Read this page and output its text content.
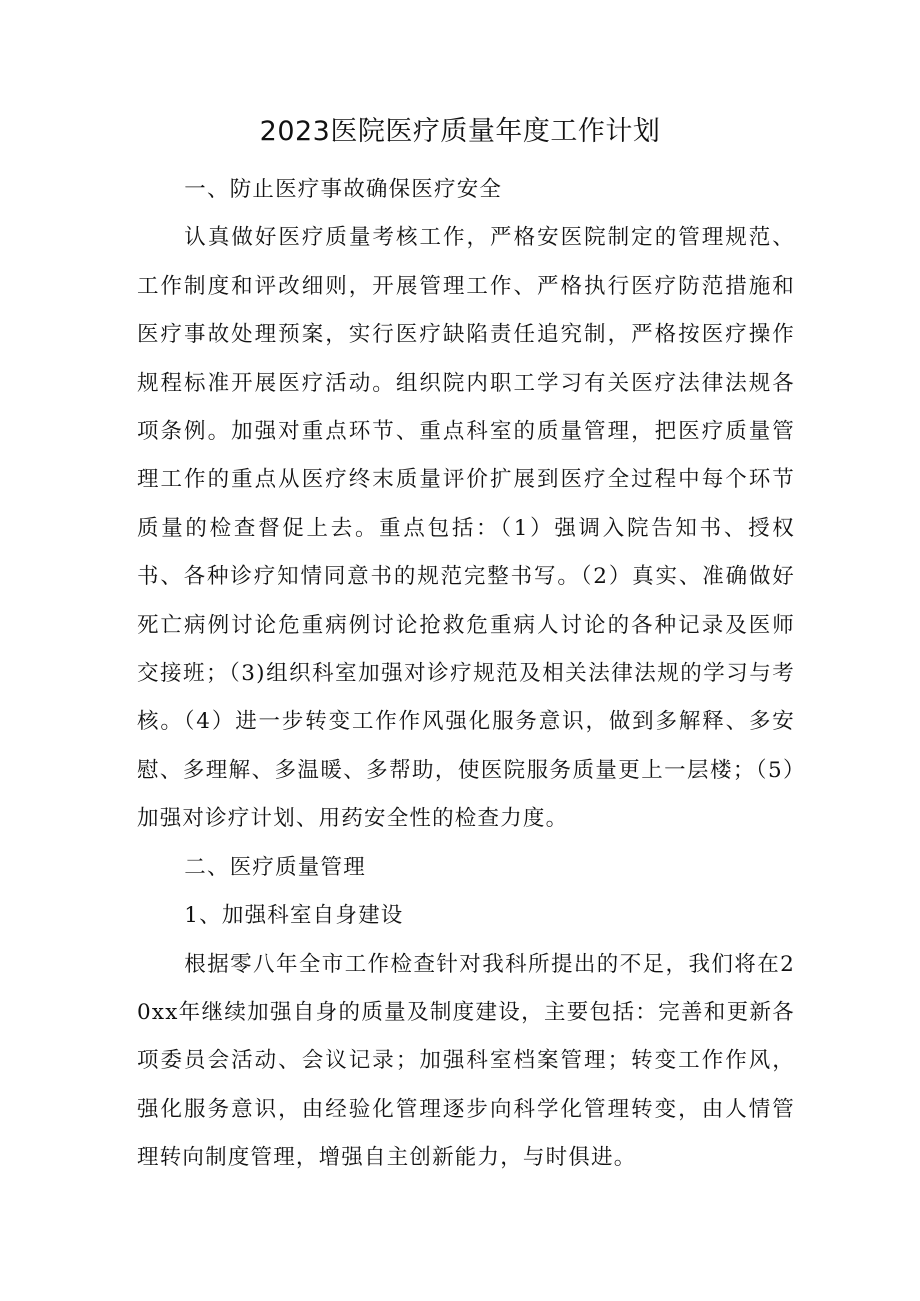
2023医院医疗质量年度工作计划

一、防止医疗事故确保医疗安全

认真做好医疗质量考核工作，严格安医院制定的管理规范、工作制度和评改细则，开展管理工作、严格执行医疗防范措施和医疗事故处理预案，实行医疗缺陷责任追究制，严格按医疗操作规程标准开展医疗活动。组织院内职工学习有关医疗法律法规各项条例。加强对重点环节、重点科室的质量管理，把医疗质量管理工作的重点从医疗终末质量评价扩展到医疗全过程中每个环节质量的检查督促上去。重点包括：（1）强调入院告知书、授权书、各种诊疗知情同意书的规范完整书写。（2）真实、准确做好死亡病例讨论危重病例讨论抢救危重病人讨论的各种记录及医师交接班；（3)组织科室加强对诊疗规范及相关法律法规的学习与考核。（4）进一步转变工作作风强化服务意识，做到多解释、多安慰、多理解、多温暖、多帮助，使医院服务质量更上一层楼；（5）加强对诊疗计划、用药安全性的检查力度。

二、医疗质量管理

1、加强科室自身建设

根据零八年全市工作检查针对我科所提出的不足，我们将在20xx年继续加强自身的质量及制度建设，主要包括：完善和更新各项委员会活动、会议记录；加强科室档案管理；转变工作作风，强化服务意识，由经验化管理逐步向科学化管理转变，由人情管理转向制度管理，增强自主创新能力，与时俱进。
